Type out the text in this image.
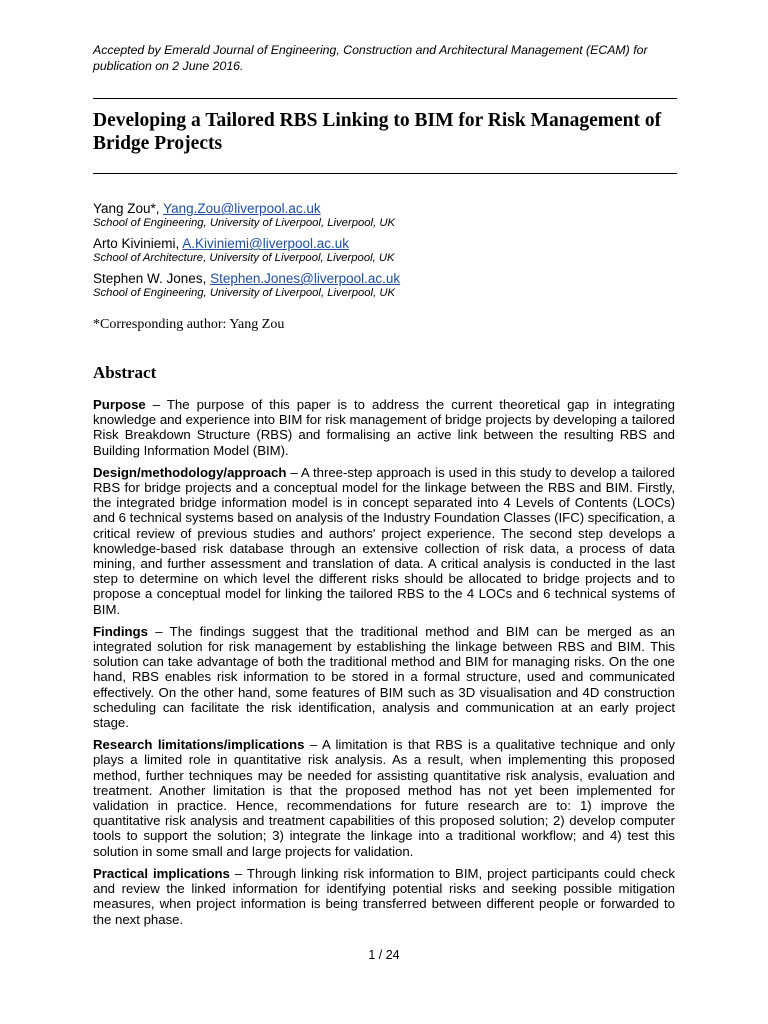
Accepted by Emerald Journal of Engineering, Construction and Architectural Management (ECAM) for publication on 2 June 2016.
Developing a Tailored RBS Linking to BIM for Risk Management of Bridge Projects
Yang Zou*, Yang.Zou@liverpool.ac.uk
School of Engineering, University of Liverpool, Liverpool, UK
Arto Kiviniemi, A.Kiviniemi@liverpool.ac.uk
School of Architecture, University of Liverpool, Liverpool, UK
Stephen W. Jones, Stephen.Jones@liverpool.ac.uk
School of Engineering, University of Liverpool, Liverpool, UK
*Corresponding author: Yang Zou
Abstract

Purpose – The purpose of this paper is to address the current theoretical gap in integrating knowledge and experience into BIM for risk management of bridge projects by developing a tailored Risk Breakdown Structure (RBS) and formalising an active link between the resulting RBS and Building Information Model (BIM).

Design/methodology/approach – A three-step approach is used in this study to develop a tailored RBS for bridge projects and a conceptual model for the linkage between the RBS and BIM. Firstly, the integrated bridge information model is in concept separated into 4 Levels of Contents (LOCs) and 6 technical systems based on analysis of the Industry Foundation Classes (IFC) specification, a critical review of previous studies and authors' project experience. The second step develops a knowledge-based risk database through an extensive collection of risk data, a process of data mining, and further assessment and translation of data. A critical analysis is conducted in the last step to determine on which level the different risks should be allocated to bridge projects and to propose a conceptual model for linking the tailored RBS to the 4 LOCs and 6 technical systems of BIM.

Findings – The findings suggest that the traditional method and BIM can be merged as an integrated solution for risk management by establishing the linkage between RBS and BIM. This solution can take advantage of both the traditional method and BIM for managing risks. On the one hand, RBS enables risk information to be stored in a formal structure, used and communicated effectively. On the other hand, some features of BIM such as 3D visualisation and 4D construction scheduling can facilitate the risk identification, analysis and communication at an early project stage.

Research limitations/implications – A limitation is that RBS is a qualitative technique and only plays a limited role in quantitative risk analysis. As a result, when implementing this proposed method, further techniques may be needed for assisting quantitative risk analysis, evaluation and treatment. Another limitation is that the proposed method has not yet been implemented for validation in practice. Hence, recommendations for future research are to: 1) improve the quantitative risk analysis and treatment capabilities of this proposed solution; 2) develop computer tools to support the solution; 3) integrate the linkage into a traditional workflow; and 4) test this solution in some small and large projects for validation.

Practical implications – Through linking risk information to BIM, project participants could check and review the linked information for identifying potential risks and seeking possible mitigation measures, when project information is being transferred between different people or forwarded to the next phase.

1 / 24
